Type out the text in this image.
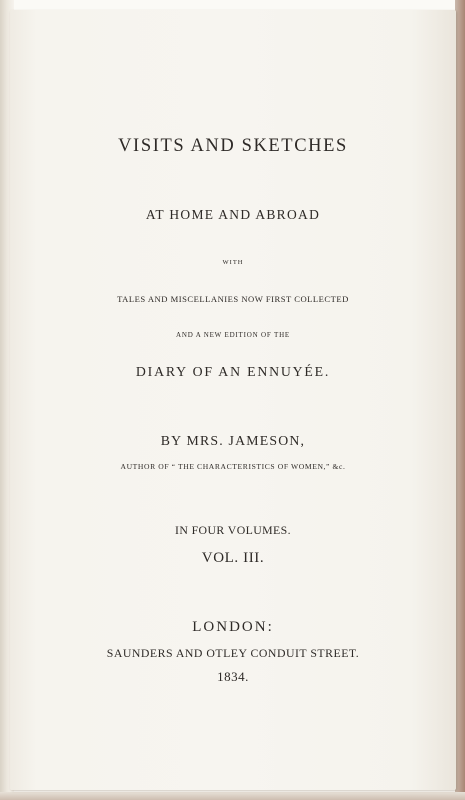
VISITS AND SKETCHES

AT HOME AND ABROAD

WITH

TALES AND MISCELLANIES NOW FIRST COLLECTED

AND A NEW EDITION OF THE

DIARY OF AN ENNUYÉE.

BY MRS. JAMESON,

AUTHOR OF “ THE CHARACTERISTICS OF WOMEN,” &c.

IN FOUR VOLUMES.

VOL. III.

LONDON:

SAUNDERS AND OTLEY CONDUIT STREET.

1834.
